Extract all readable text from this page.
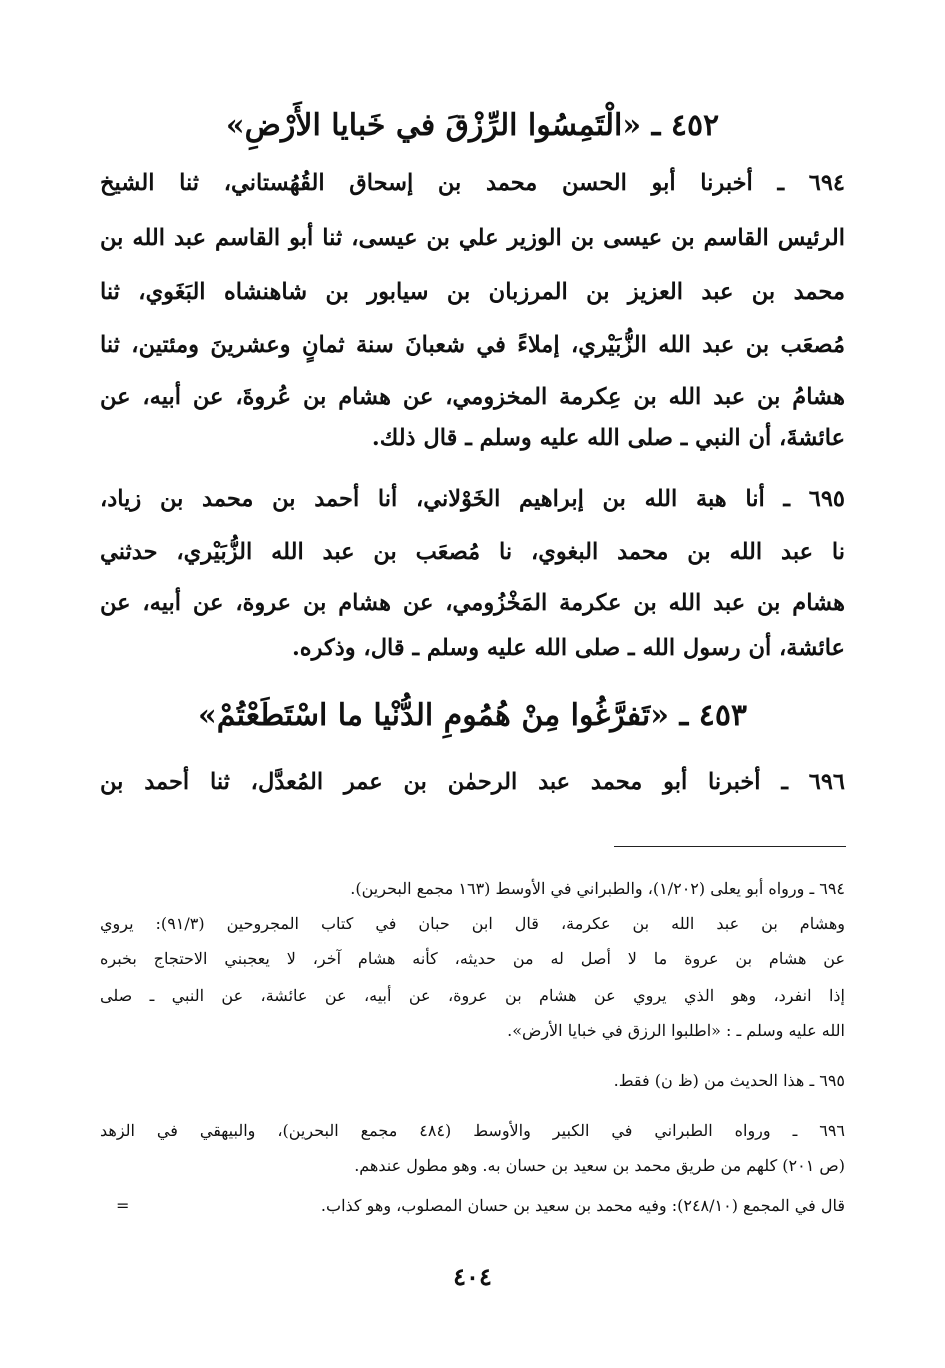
٤٥٢ ـ «الْتَمِسُوا الرِّزْقَ في خَبايا الأَرْضِ»
٦٩٤ ـ أخبرنا أبو الحسن محمد بن إسحاق القُهُستاني، ثنا الشيخ
الرئيس القاسم بن عيسى بن الوزير علي بن عيسى، ثنا أبو القاسم عبد الله بن
محمد بن عبد العزيز بن المرزبان بن سيابور بن شاهنشاه البَغَوي، ثنا
مُصعَب بن عبد الله الزُّبَيْري، إملاءً في شعبانَ سنة ثمانٍ وعشرينَ ومئتين، ثنا
هشامُ بن عبد الله بن عِكرمة المخزومي، عن هشام بن عُروةَ، عن أبيه، عن
عائشةَ، أن النبي ـ صلى الله عليه وسلم ـ قال ذلك.
٦٩٥ ـ أنا هبة الله بن إبراهيم الخَوْلاني، أنا أحمد بن محمد بن زياد،
نا عبد الله بن محمد البغوي، نا مُصعَب بن عبد الله الزُّبَيْري، حدثني
هشام بن عبد الله بن عكرمة المَخْزُومي، عن هشام بن عروة، عن أبيه، عن
عائشة، أن رسول الله ـ صلى الله عليه وسلم ـ قال، وذكره.
٤٥٣ ـ «تَفرَّغُوا مِنْ هُمُومِ الدُّنْيا ما اسْتَطَعْتُمْ»
٦٩٦ ـ أخبرنا أبو محمد عبد الرحمٰن بن عمر المُعدَّل، ثنا أحمد بن
٦٩٤ ـ ورواه أبو يعلى (١/٢٠٢)، والطبراني في الأوسط (١٦٣ مجمع البحرين).
وهشام بن عبد الله بن عكرمة، قال ابن حبان في كتاب المجروحين (٩١/٣): يروي
عن هشام بن عروة ما لا أصل له من حديثه، كأنه هشام آخر، لا يعجبني الاحتجاج بخبره
إذا انفرد، وهو الذي يروي عن هشام بن عروة، عن أبيه، عن عائشة، عن النبي ـ صلى
الله عليه وسلم ـ : «اطلبوا الرزق في خبايا الأرض».
٦٩٥ ـ هذا الحديث من (ظ ن) فقط.
٦٩٦ ـ ورواه الطبراني في الكبير والأوسط (٤٨٤ مجمع البحرين)، والبيهقي في الزهد
(ص ٢٠١) كلهم من طريق محمد بن سعيد بن حسان به. وهو مطول عندهم.
قال في المجمع (٢٤٨/١٠): وفيه محمد بن سعيد بن حسان المصلوب، وهو كذاب.
=
٤٠٤
